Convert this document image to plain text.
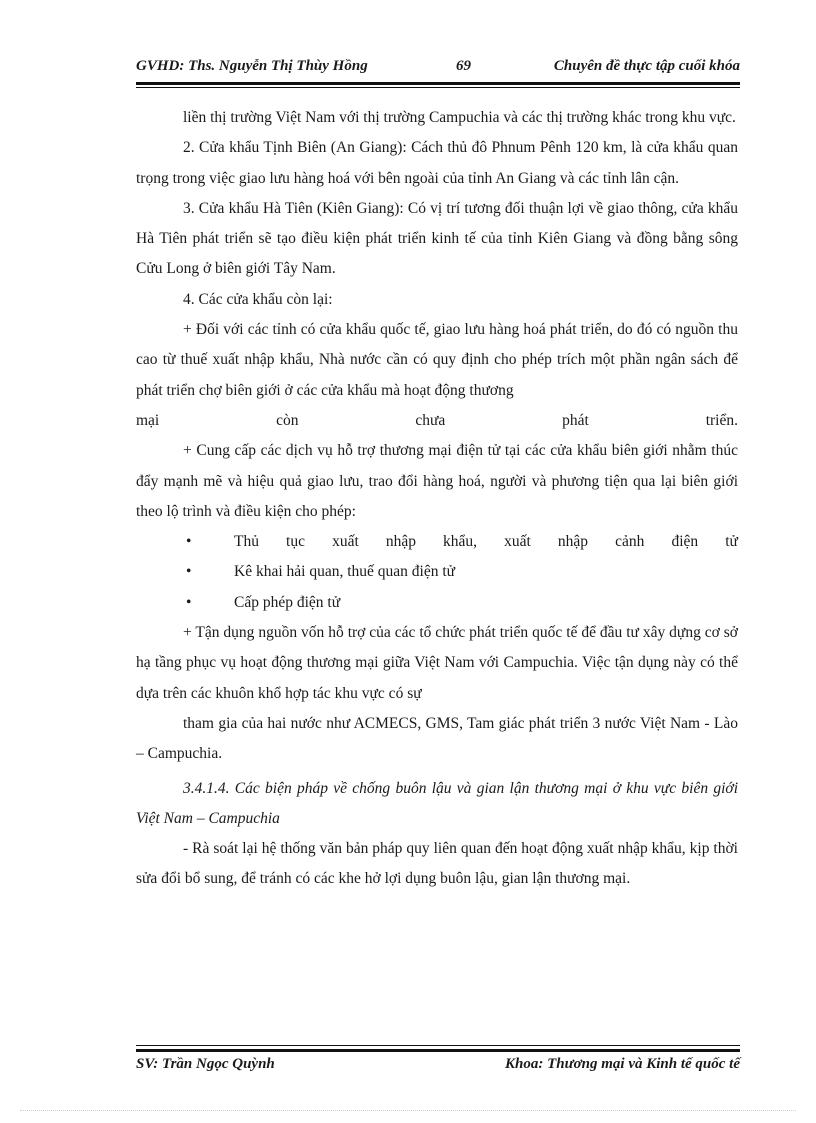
GVHD: Ths. Nguyễn Thị Thùy Hồng	69	Chuyên đề thực tập cuối khóa

liền thị trường Việt Nam với thị trường Campuchia và các thị trường khác trong khu vực.

2. Cửa khẩu Tịnh Biên (An Giang): Cách thủ đô Phnum Pênh 120 km, là cửa khẩu quan trọng trong việc giao lưu hàng hoá với bên ngoài của tỉnh An Giang và các tỉnh lân cận.

3. Cửa khẩu Hà Tiên (Kiên Giang): Có vị trí tương đối thuận lợi về giao thông, cửa khẩu Hà Tiên phát triển sẽ tạo điều kiện phát triển kinh tế của tỉnh Kiên Giang và đồng bằng sông Cửu Long ở biên giới Tây Nam.

4. Các cửa khẩu còn lại:

+ Đối với các tỉnh có cửa khẩu quốc tế, giao lưu hàng hoá phát triển, do đó có nguồn thu cao từ thuế xuất nhập khẩu, Nhà nước cần có quy định cho phép trích một phần ngân sách để phát triển chợ biên giới ở các cửa khẩu mà hoạt động thương

mại	còn	chưa	phát	triển.

+ Cung cấp các dịch vụ hỗ trợ thương mại điện tử tại các cửa khẩu biên giới nhằm thúc đẩy mạnh mẽ và hiệu quả giao lưu, trao đổi hàng hoá, người và phương tiện qua lại biên giới theo lộ trình và điều kiện cho phép:

•	Thủ tục xuất nhập khẩu, xuất nhập cảnh điện tử
•	Kê khai hải quan, thuế quan điện tử
•	Cấp phép điện tử

+ Tận dụng nguồn vốn hỗ trợ của các tổ chức phát triển quốc tế để đầu tư xây dựng cơ sở hạ tầng phục vụ hoạt động thương mại giữa Việt Nam với Campuchia. Việc tận dụng này có thể dựa trên các khuôn khổ hợp tác khu vực có sự

tham gia của hai nước như ACMECS, GMS, Tam giác phát triển 3 nước Việt Nam - Lào – Campuchia.

3.4.1.4. Các biện pháp về chống buôn lậu và gian lận thương mại ở khu vực biên giới Việt Nam – Campuchia

- Rà soát lại hệ thống văn bản pháp quy liên quan đến hoạt động xuất nhập khẩu, kịp thời sửa đổi bổ sung, để tránh có các khe hở lợi dụng buôn lậu, gian lận thương mại.

SV: Trần Ngọc Quỳnh	Khoa: Thương mại và Kinh tế quốc tế
